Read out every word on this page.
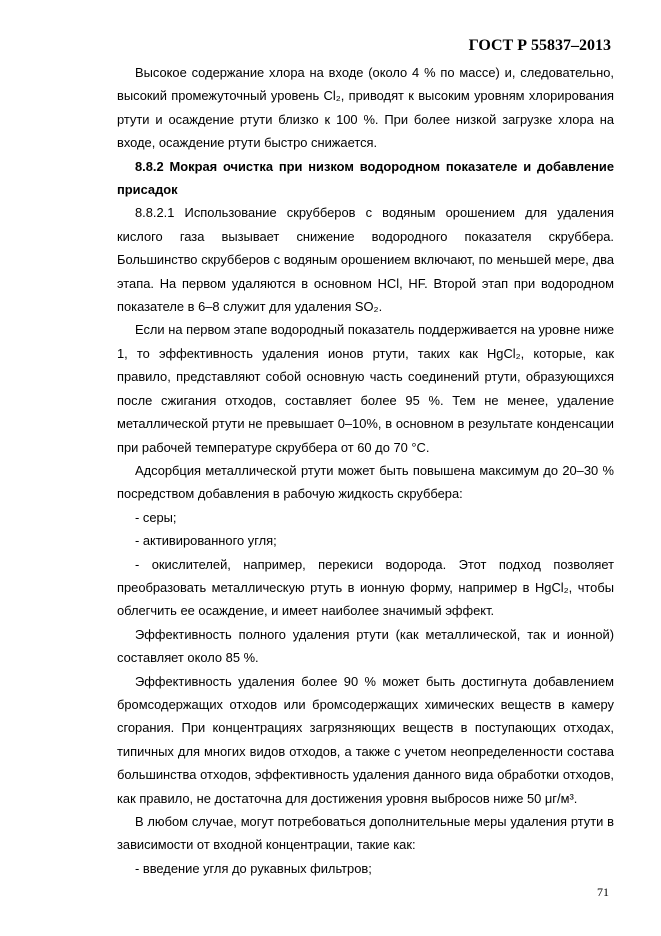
ГОСТ Р 55837–2013

Высокое содержание хлора на входе (около 4 % по массе) и, следовательно, высокий промежуточный уровень Cl₂, приводят к высоким уровням хлорирования ртути и осаждение ртути близко к 100 %. При более низкой загрузке хлора на входе, осаждение ртути быстро снижается.

8.8.2 Мокрая очистка при низком водородном показателе и добавление присадок

8.8.2.1 Использование скрубберов с водяным орошением для удаления кислого газа вызывает снижение водородного показателя скруббера. Большинство скрубберов с водяным орошением включают, по меньшей мере, два этапа. На первом удаляются в основном HCl, HF. Второй этап при водородном показателе в 6–8 служит для удаления SO₂.

Если на первом этапе водородный показатель поддерживается на уровне ниже 1, то эффективность удаления ионов ртути, таких как HgCl₂, которые, как правило, представляют собой основную часть соединений ртути, образующихся после сжигания отходов, составляет более 95 %. Тем не менее, удаление металлической ртути не превышает 0–10%, в основном в результате конденсации при рабочей температуре скруббера от 60 до 70 °С.

Адсорбция металлической ртути может быть повышена максимум до 20–30 % посредством добавления в рабочую жидкость скруббера:

- серы;

- активированного угля;

- окислителей, например, перекиси водорода. Этот подход позволяет преобразовать металлическую ртуть в ионную форму, например в HgCl₂, чтобы облегчить ее осаждение, и имеет наиболее значимый эффект.

Эффективность полного удаления ртути (как металлической, так и ионной) составляет около 85 %.

Эффективность удаления более 90 % может быть достигнута добавлением бромсодержащих отходов или бромсодержащих химических веществ в камеру сгорания. При концентрациях загрязняющих веществ в поступающих отходах, типичных для многих видов отходов, а также с учетом неопределенности состава большинства отходов, эффективность удаления данного вида обработки отходов, как правило, не достаточна для достижения уровня выбросов ниже 50 μг/м³.

В любом случае, могут потребоваться дополнительные меры удаления ртути в зависимости от входной концентрации, такие как:

- введение угля до рукавных фильтров;

71
